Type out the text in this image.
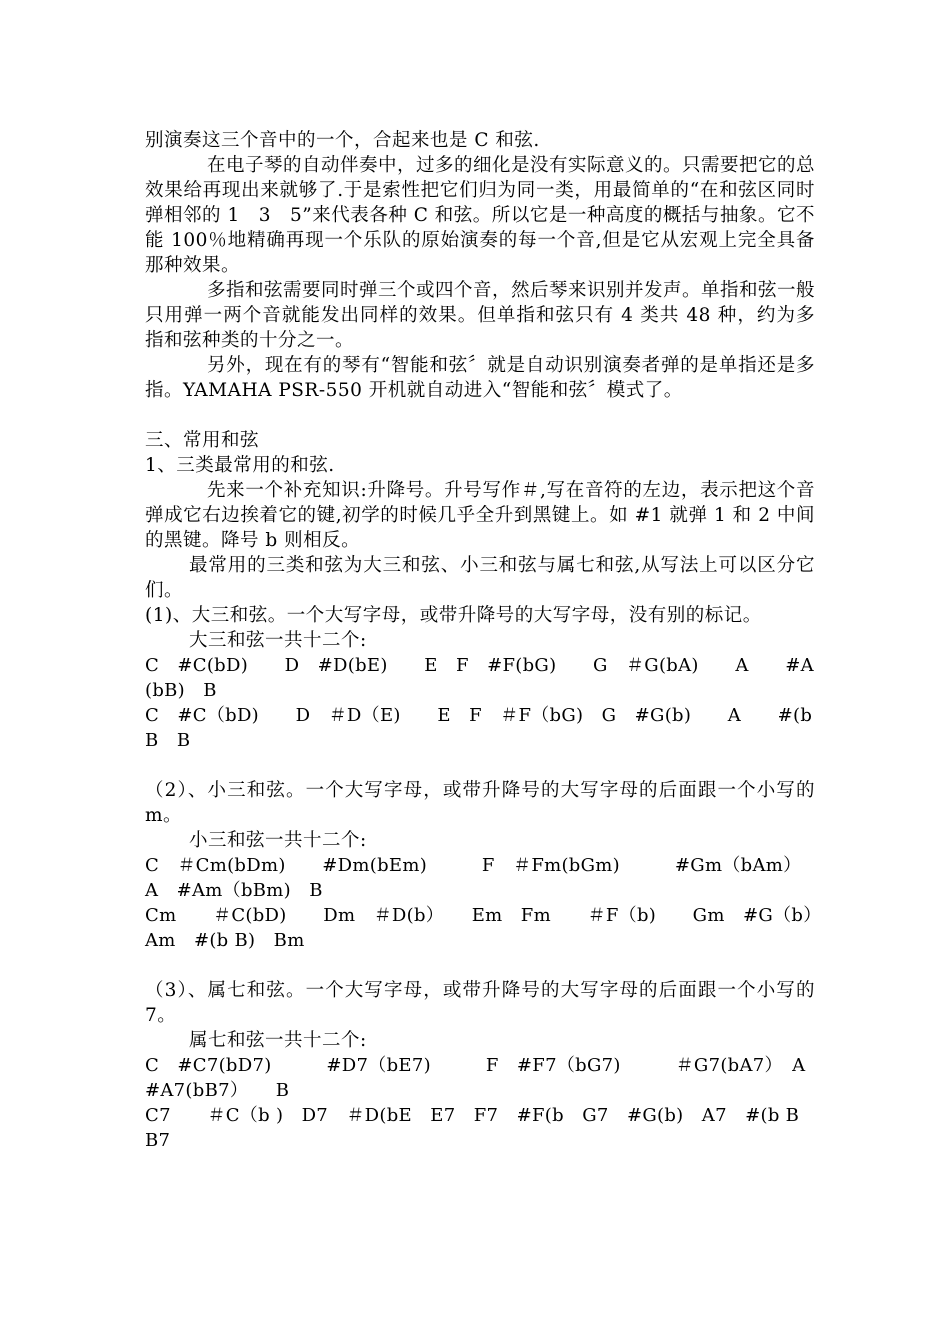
别演奏这三个音中的一个，合起来也是 C 和弦.

在电子琴的自动伴奏中，过多的细化是没有实际意义的。只需要把它的总效果给再现出来就够了.于是索性把它们归为同一类，用最简单的“在和弦区同时弹相邻的 1　3　5”来代表各种 C 和弦。所以它是一种高度的概括与抽象。它不能 100％地精确再现一个乐队的原始演奏的每一个音,但是它从宏观上完全具备那种效果。

多指和弦需要同时弹三个或四个音，然后琴来识别并发声。单指和弦一般只用弹一两个音就能发出同样的效果。但单指和弦只有 4 类共 48 种，约为多指和弦种类的十分之一。

另外，现在有的琴有“智能和弦〞就是自动识别演奏者弹的是单指还是多指。YAMAHA PSR-550 开机就自动进入“智能和弦〞模式了。

三、常用和弦

1、三类最常用的和弦.

先来一个补充知识:升降号。升号写作＃,写在音符的左边，表示把这个音弹成它右边挨着它的键,初学的时候几乎全升到黑键上。如 #1 就弹 1 和 2 中间的黑键。降号 b 则相反。

最常用的三类和弦为大三和弦、小三和弦与属七和弦,从写法上可以区分它们。

(1)、大三和弦。一个大写字母，或带升降号的大写字母，没有别的标记。

大三和弦一共十二个:

C　#C(bD)　　D　#D(bE)　　E　F　#F(bG)　　G　＃G(bA)　　A　　#A(bB)　B

C　#C（bD)　　D　＃D（E)　　E　F　＃F（bG)　G　#G(b)　　A　　#(bB　B

（2）、小三和弦。一个大写字母，或带升降号的大写字母的后面跟一个小写的 m。

小三和弦一共十二个:

C　＃Cm(bDm)　　#Dm(bEm)　　　F　＃Fm(bGm)　　　#Gm（bAm）　A　#Am（bBm)　B

Cm　　＃C(bD)　　Dm　＃D(b）　　Em　Fm　　＃F（b)　　Gm　#G（b）　Am　#(b B)　Bm

（3）、属七和弦。一个大写字母，或带升降号的大写字母的后面跟一个小写的 7。

属七和弦一共十二个:

C　#C7(bD7)　　　#D7（bE7)　　　F　#F7（bG7)　　　＃G7(bA7）　A　#A7(bB7）　　B

C7　　＃C（b )　D7　＃D(bE　E7　F7　#F(b　G7　#G(b)　A7　#(b B B7
